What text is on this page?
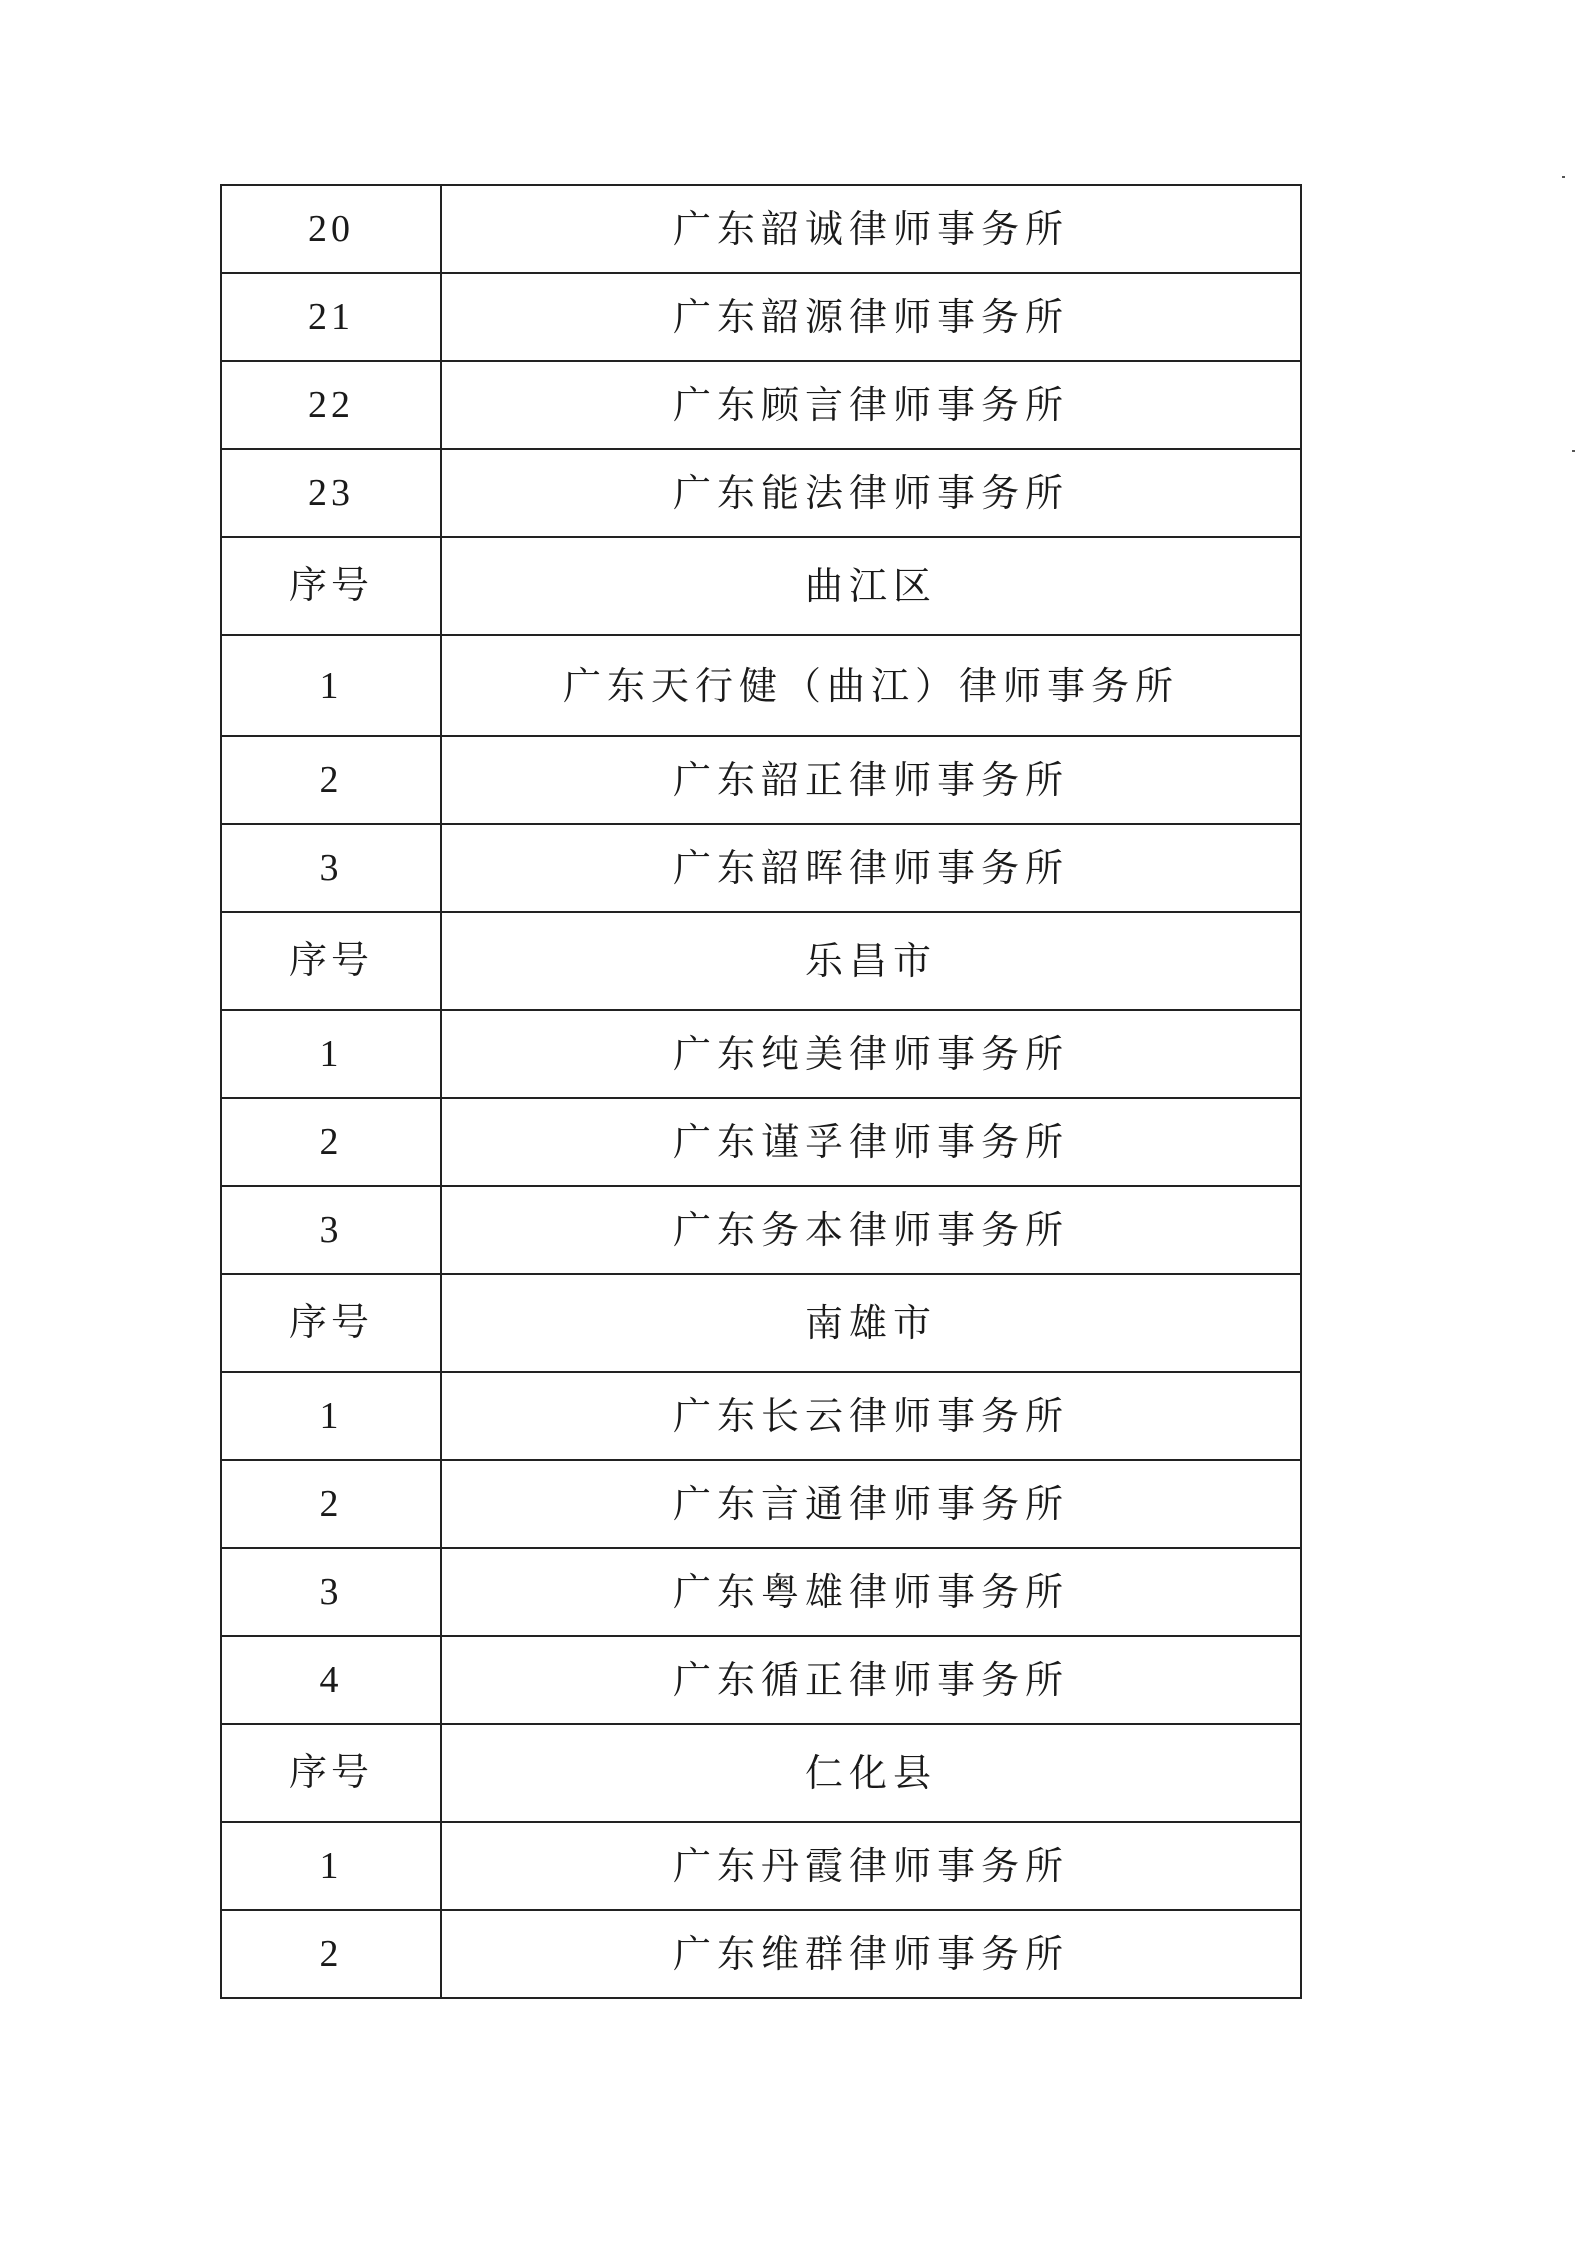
20	广东韶诚律师事务所
21	广东韶源律师事务所
22	广东顾言律师事务所
23	广东能法律师事务所
序号	曲江区
1	广东天行健（曲江）律师事务所
2	广东韶正律师事务所
3	广东韶晖律师事务所
序号	乐昌市
1	广东纯美律师事务所
2	广东谨孚律师事务所
3	广东务本律师事务所
序号	南雄市
1	广东长云律师事务所
2	广东言通律师事务所
3	广东粤雄律师事务所
4	广东循正律师事务所
序号	仁化县
1	广东丹霞律师事务所
2	广东维群律师事务所
